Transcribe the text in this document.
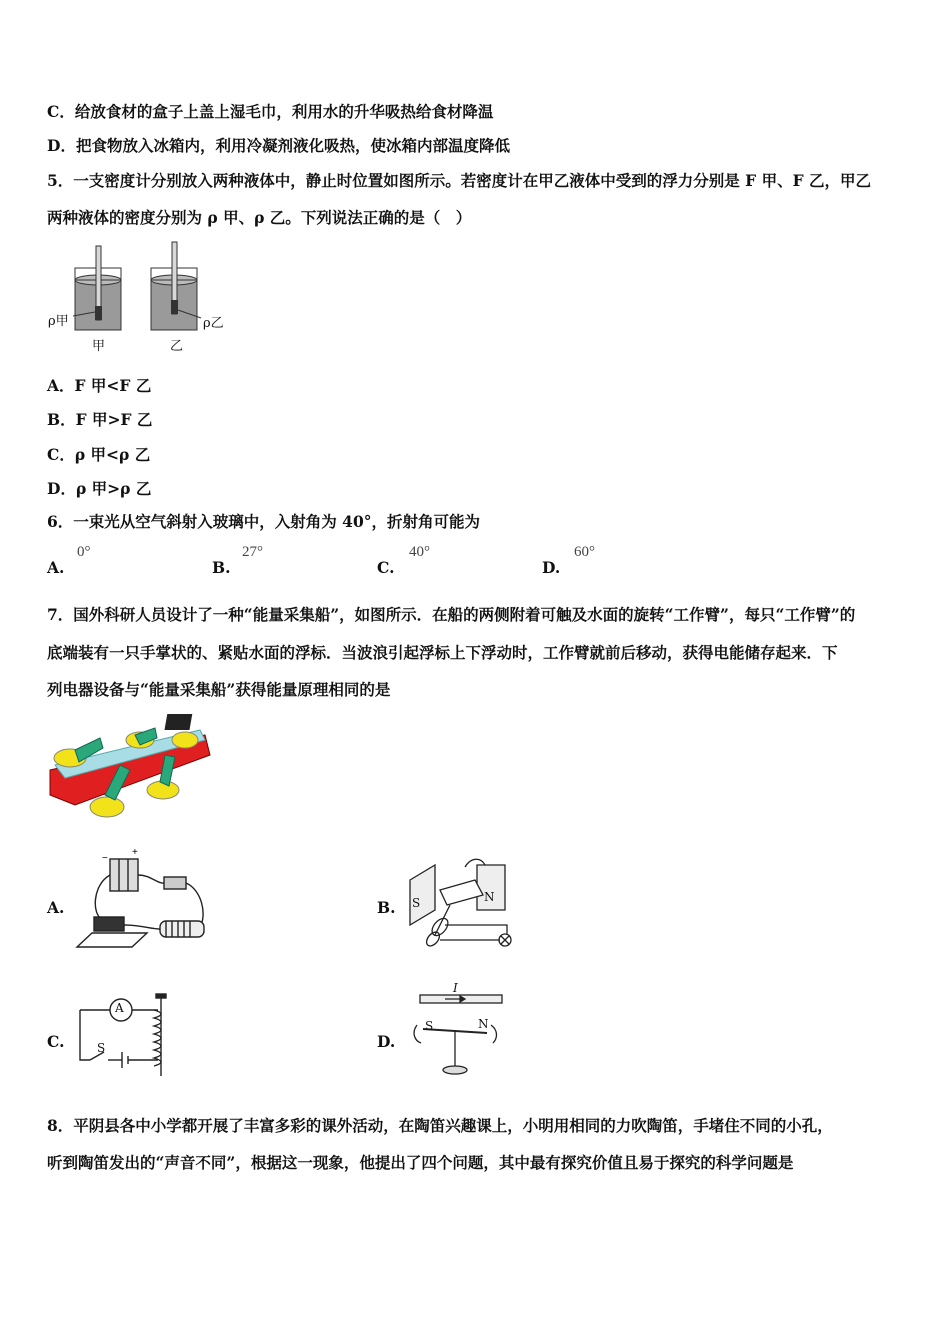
C．给放食材的盒子上盖上湿毛巾，利用水的升华吸热给食材降温
D．把食物放入冰箱内，利用冷凝剂液化吸热，使冰箱内部温度降低
5．一支密度计分别放入两种液体中，静止时位置如图所示。若密度计在甲乙液体中受到的浮力分别是 F 甲、F 乙，甲乙
两种液体的密度分别为 ρ 甲、ρ 乙。下列说法正确的是（　）
ρ甲	ρ乙
甲	乙
A．F 甲<F 乙
B．F 甲>F 乙
C．ρ 甲<ρ 乙
D．ρ 甲>ρ 乙
6．一束光从空气斜射入玻璃中，入射角为 40°，折射角可能为
A.
0°
B.
27°
C.
40°
D.
60°
7．国外科研人员设计了一种“能量采集船”，如图所示．在船的两侧附着可触及水面的旋转“工作臂”，每只“工作臂”的
底端装有一只手掌状的、紧贴水面的浮标．当波浪引起浮标上下浮动时，工作臂就前后移动，获得电能储存起来．下
列电器设备与“能量采集船”获得能量原理相同的是
A.
+
−
B. S	N
C.
A
S	D.
I
S	N
8．平阴县各中小学都开展了丰富多彩的课外活动，在陶笛兴趣课上，小明用相同的力吹陶笛，手堵住不同的小孔，
听到陶笛发出的“声音不同”，根据这一现象，他提出了四个问题，其中最有探究价值且易于探究的科学问题是
